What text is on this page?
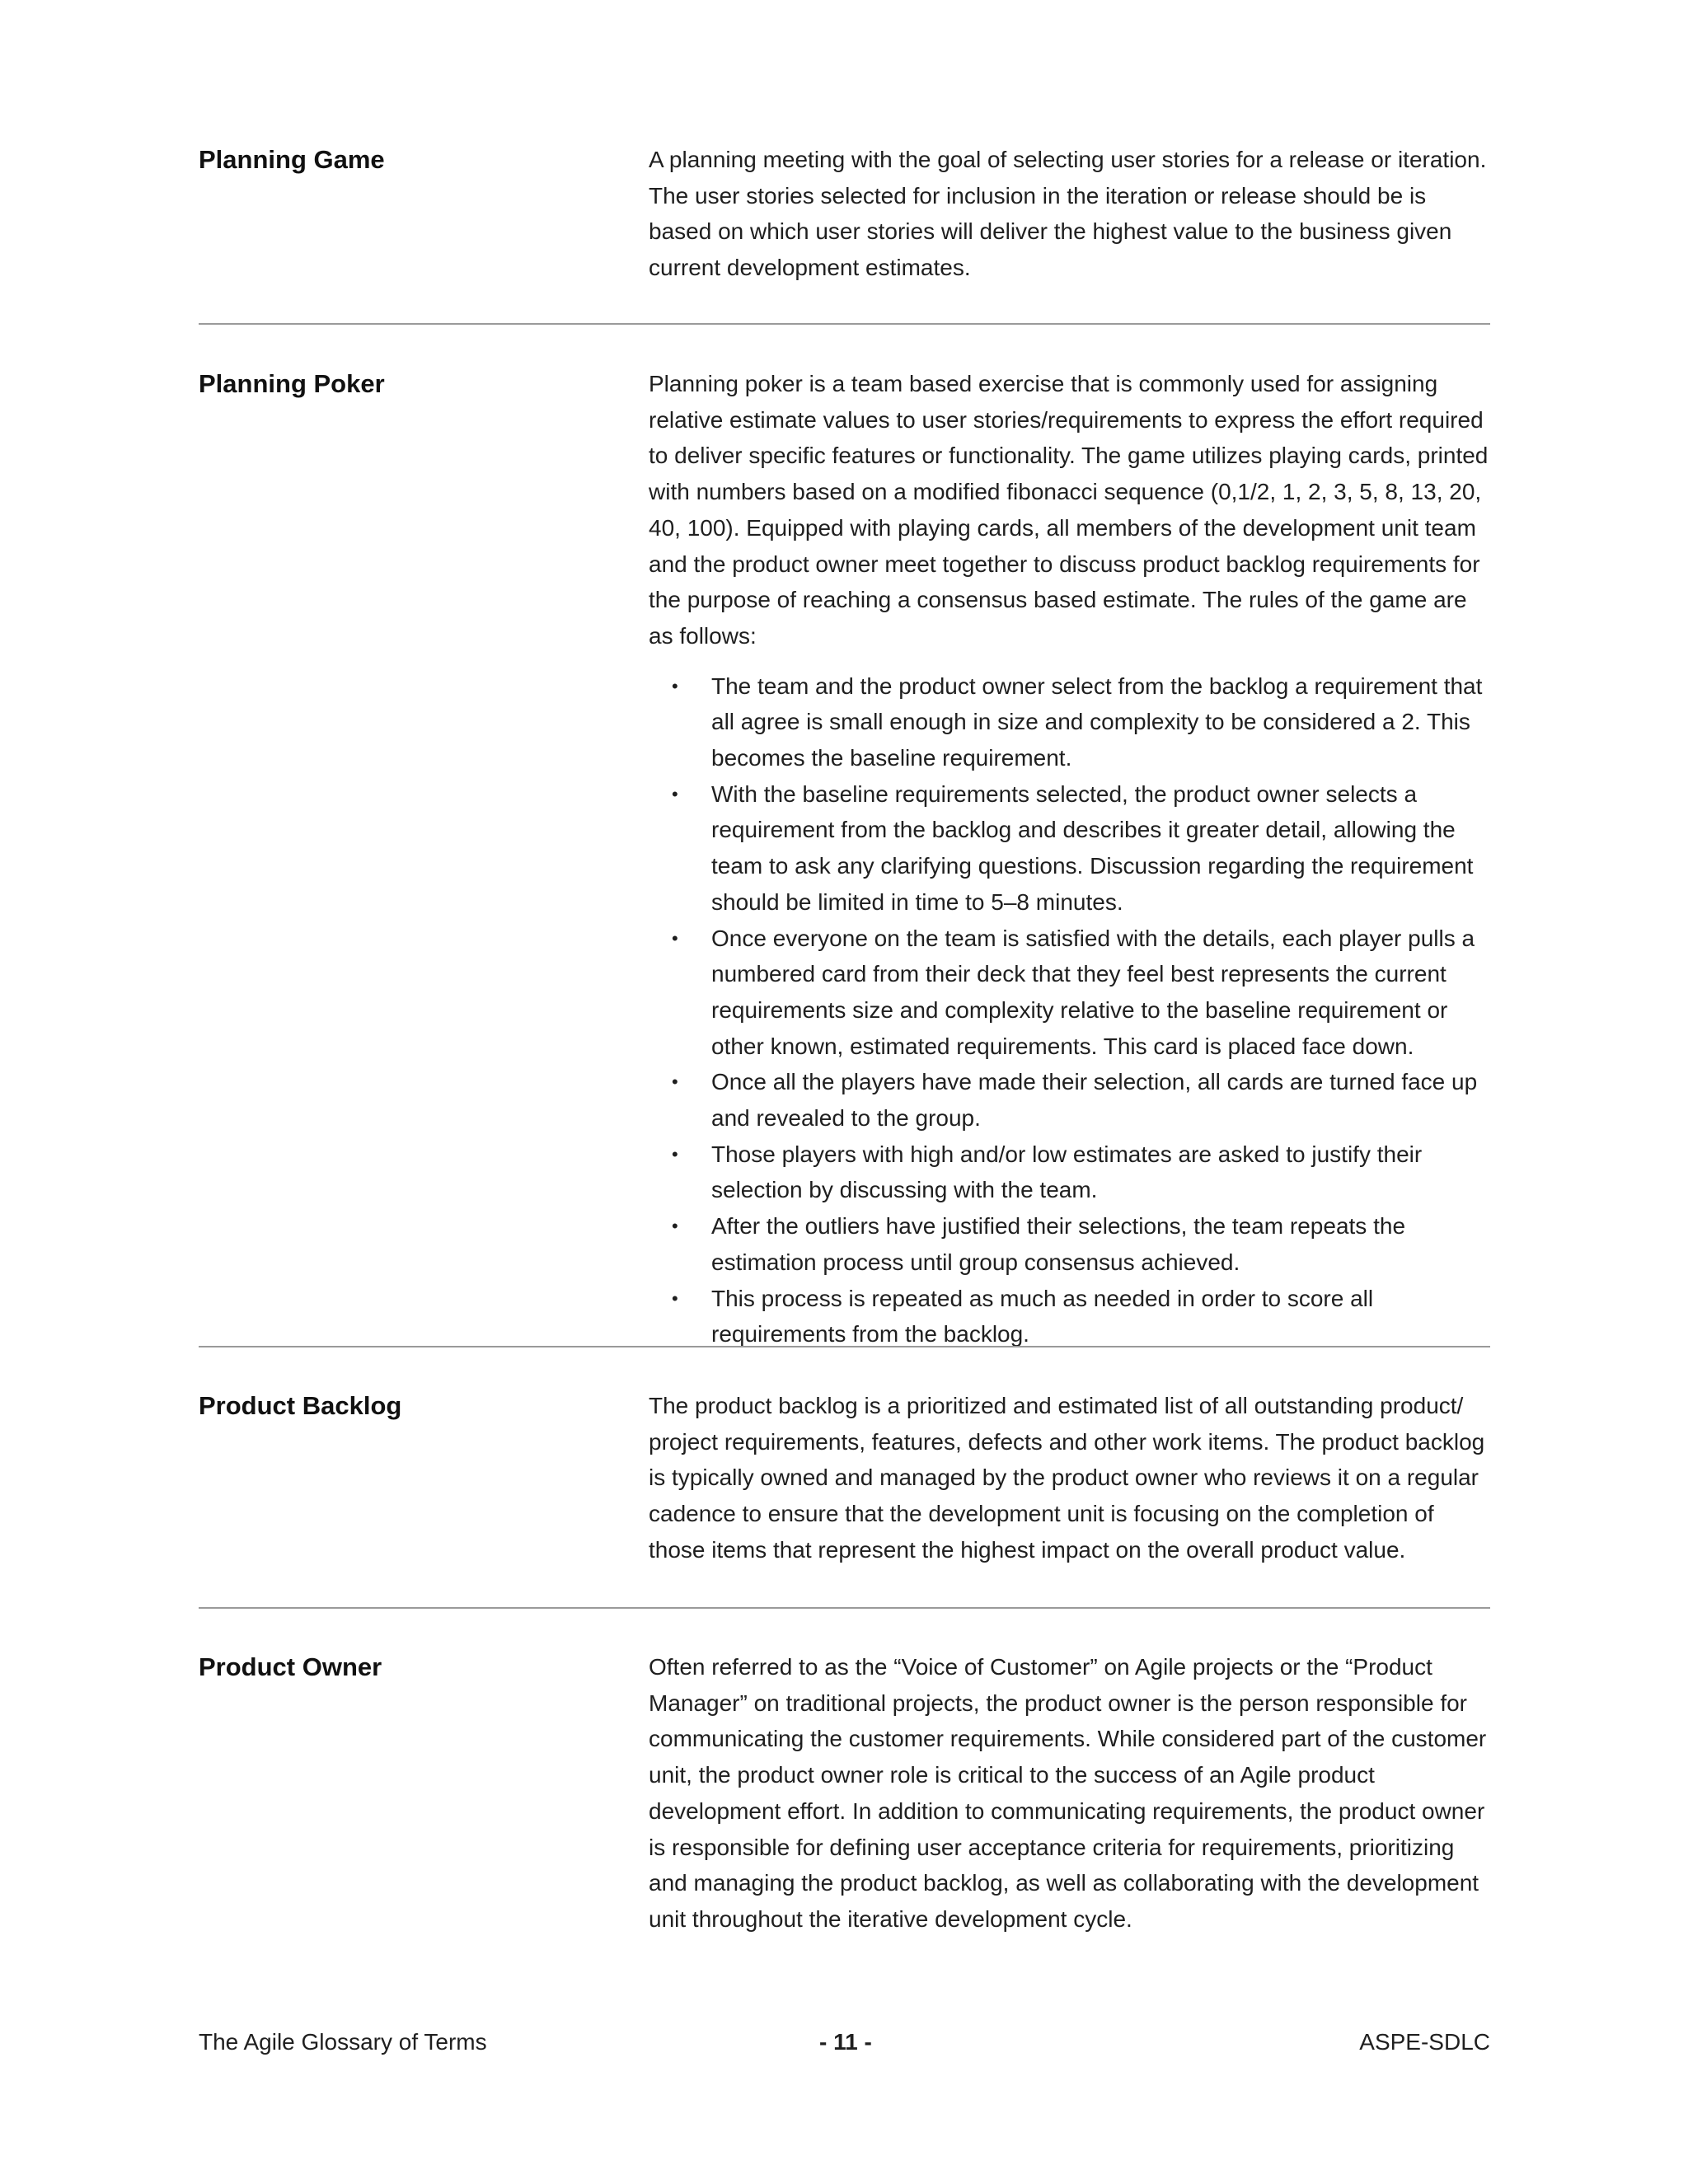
Planning Game	A planning meeting with the goal of selecting user stories for a release or iteration. The user stories selected for inclusion in the iteration or release should be is based on which user stories will deliver the highest value to the business given current development estimates.

Planning Poker	Planning poker is a team based exercise that is commonly used for assigning relative estimate values to user stories/requirements to express the effort required to deliver specific features or functionality. The game utilizes playing cards, printed with numbers based on a modified fibonacci sequence (0,1/2, 1, 2, 3, 5, 8, 13, 20, 40, 100). Equipped with playing cards, all members of the development unit team and the product owner meet together to discuss product backlog requirements for the purpose of reaching a consensus based estimate. The rules of the game are as follows:

• The team and the product owner select from the backlog a requirement that all agree is small enough in size and complexity to be considered a 2. This becomes the baseline requirement.
• With the baseline requirements selected, the product owner selects a requirement from the backlog and describes it greater detail, allowing the team to ask any clarifying questions. Discussion regarding the requirement should be limited in time to 5–8 minutes.
• Once everyone on the team is satisfied with the details, each player pulls a numbered card from their deck that they feel best represents the current requirements size and complexity relative to the baseline requirement or other known, estimated requirements. This card is placed face down.
• Once all the players have made their selection, all cards are turned face up and revealed to the group.
• Those players with high and/or low estimates are asked to justify their selection by discussing with the team.
• After the outliers have justified their selections, the team repeats the estimation process until group consensus achieved.
• This process is repeated as much as needed in order to score all requirements from the backlog.
Product Backlog	The product backlog is a prioritized and estimated list of all outstanding product/ project requirements, features, defects and other work items. The product backlog is typically owned and managed by the product owner who reviews it on a regular cadence to ensure that the development unit is focusing on the completion of those items that represent the highest impact on the overall product value.

Product Owner	Often referred to as the “Voice of Customer” on Agile projects or the “Product Manager” on traditional projects, the product owner is the person responsible for communicating the customer requirements. While considered part of the customer unit, the product owner role is critical to the success of an Agile product development effort. In addition to communicating requirements, the product owner is responsible for defining user acceptance criteria for requirements, prioritizing and managing the product backlog, as well as collaborating with the development unit throughout the iterative development cycle.

The Agile Glossary of Terms	- 11 -	ASPE-SDLC
